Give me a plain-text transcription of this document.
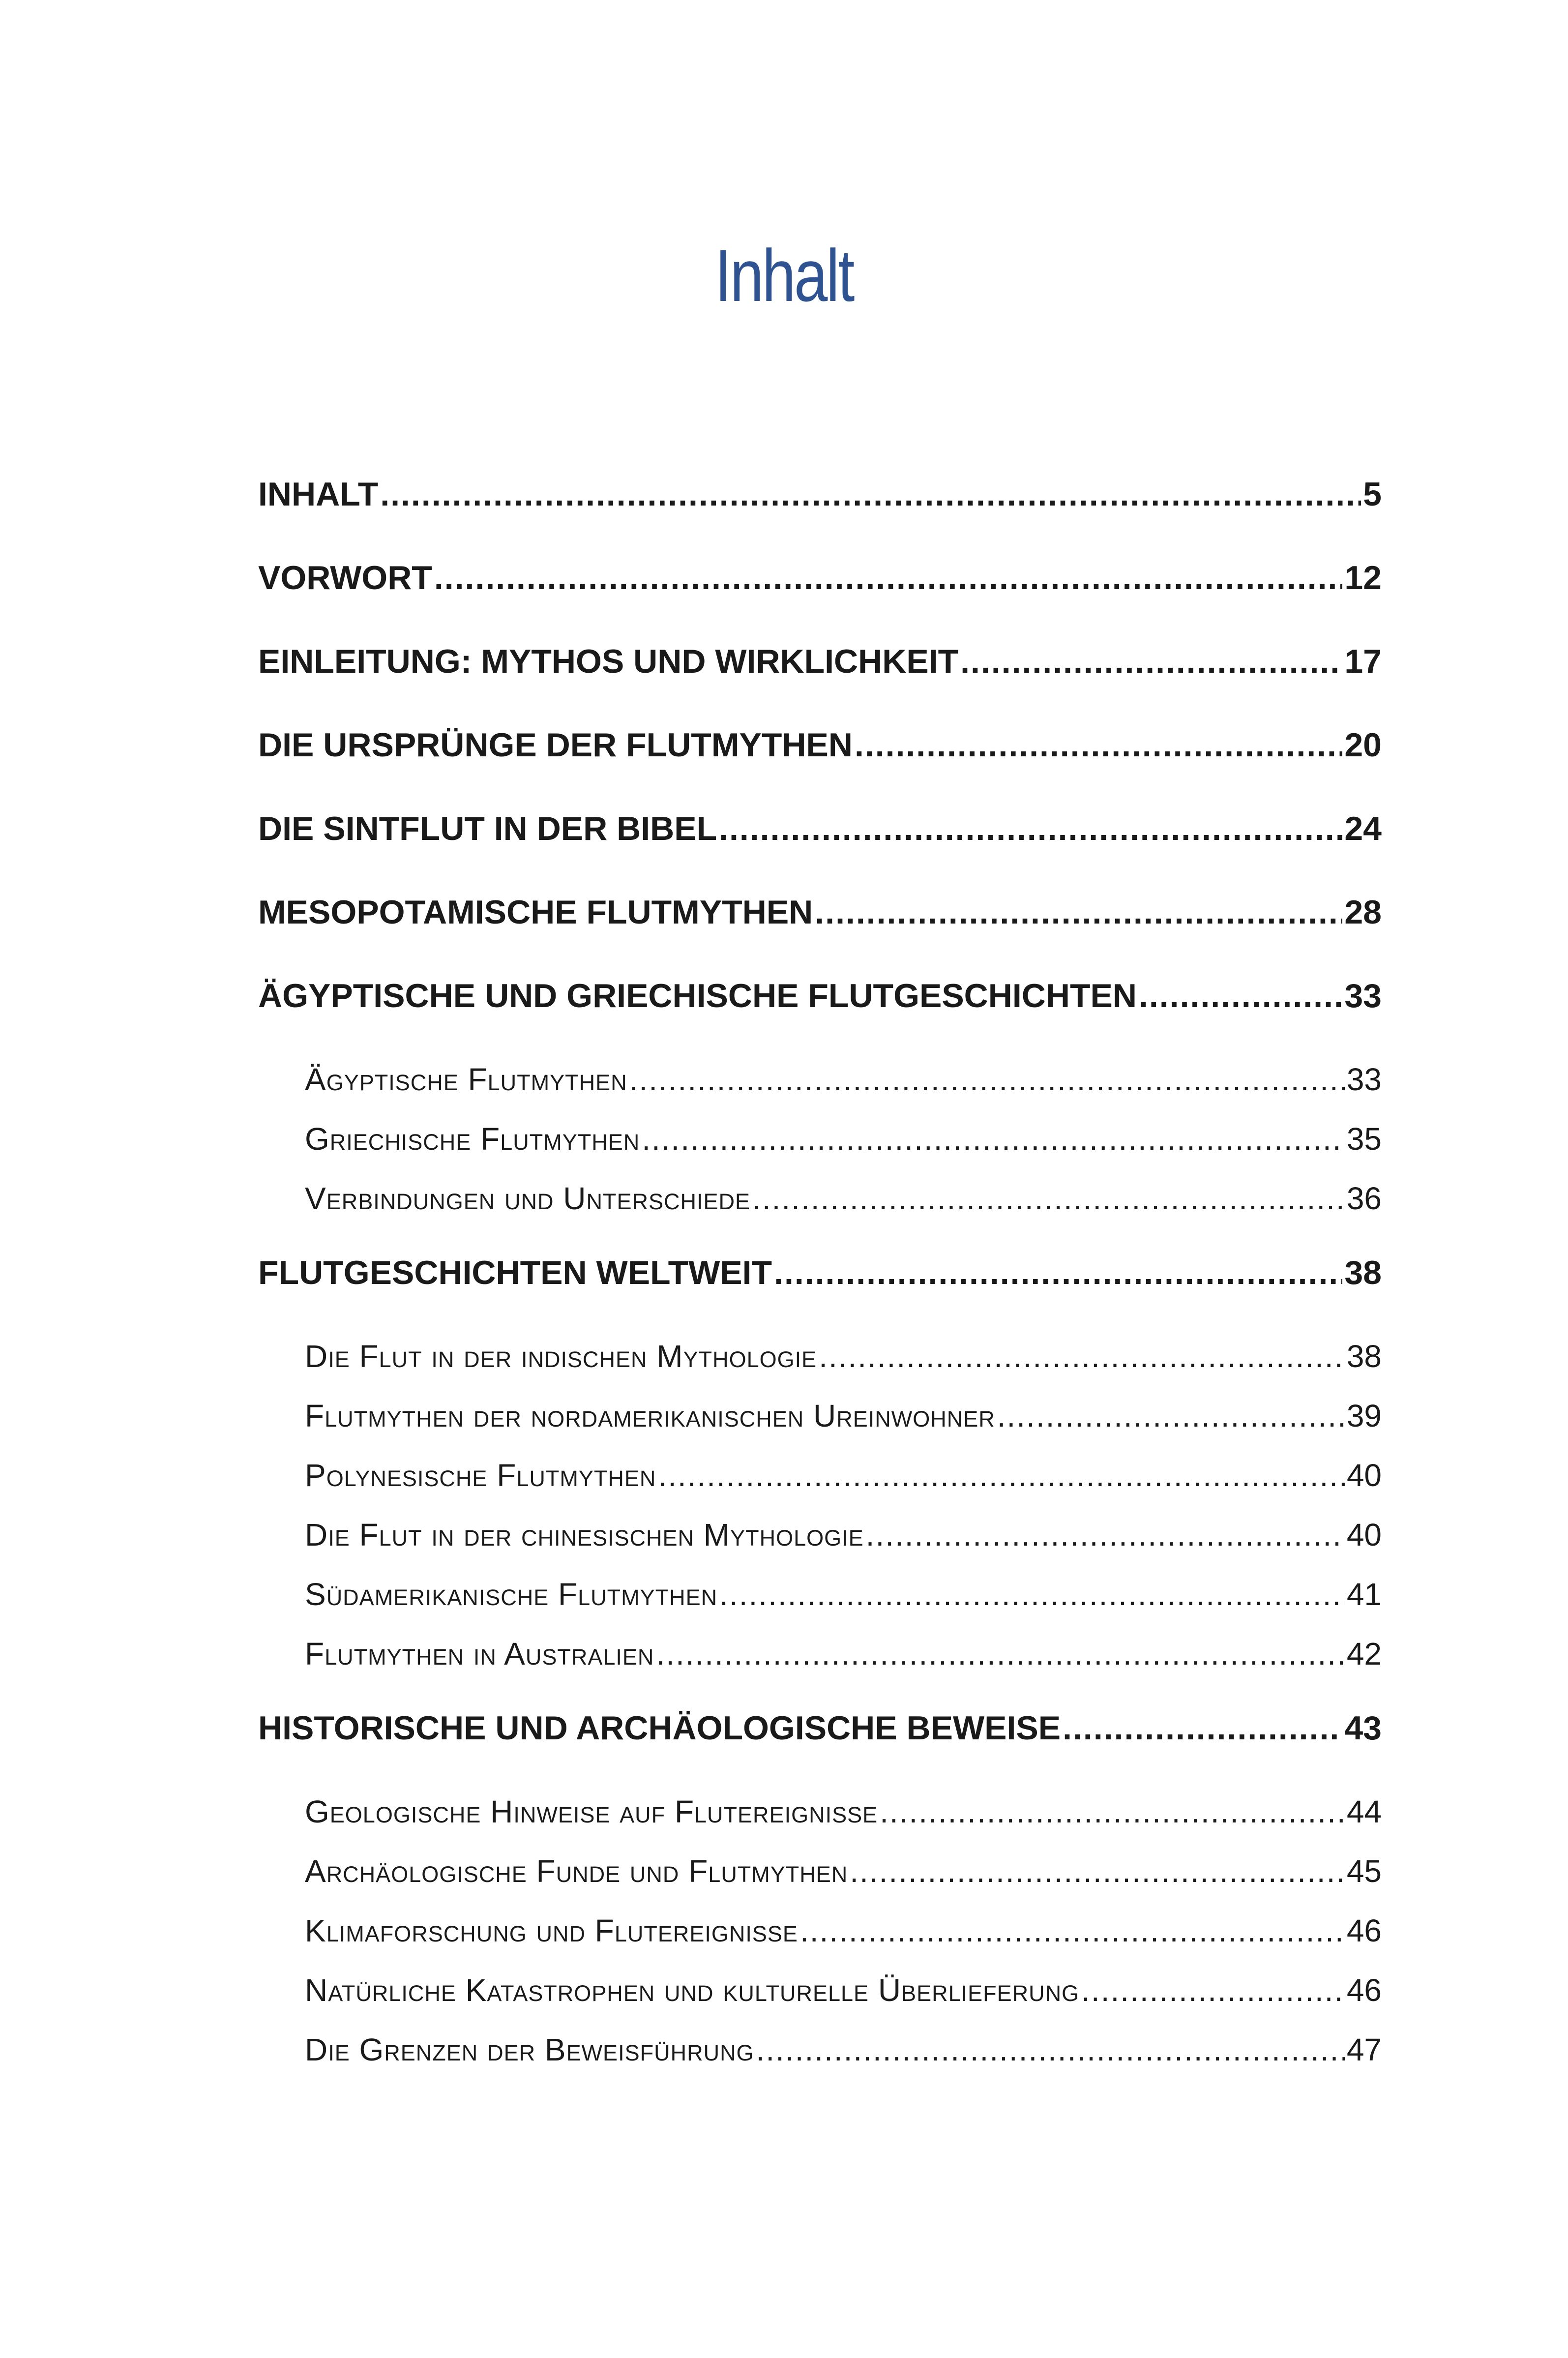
Inhalt
INHALT .....	5
VORWORT .....	12
EINLEITUNG: MYTHOS UND WIRKLICHKEIT .....	17
DIE URSPRÜNGE DER FLUTMYTHEN .....	20
DIE SINTFLUT IN DER BIBEL .....	24
MESOPOTAMISCHE FLUTMYTHEN .....	28
ÄGYPTISCHE UND GRIECHISCHE FLUTGESCHICHTEN .....	33
Ägyptische Flutmythen .....	33
Griechische Flutmythen .....	35
Verbindungen und Unterschiede .....	36
FLUTGESCHICHTEN WELTWEIT .....	38
Die Flut in der indischen Mythologie .....	38
Flutmythen der nordamerikanischen Ureinwohner .....	39
Polynesische Flutmythen .....	40
Die Flut in der chinesischen Mythologie .....	40
Südamerikanische Flutmythen .....	41
Flutmythen in Australien .....	42
HISTORISCHE UND ARCHÄOLOGISCHE BEWEISE .....	43
Geologische Hinweise auf Flutereignisse .....	44
Archäologische Funde und Flutmythen .....	45
Klimaforschung und Flutereignisse .....	46
Natürliche Katastrophen und kulturelle Überlieferung .....	46
Die Grenzen der Beweisführung .....	47
